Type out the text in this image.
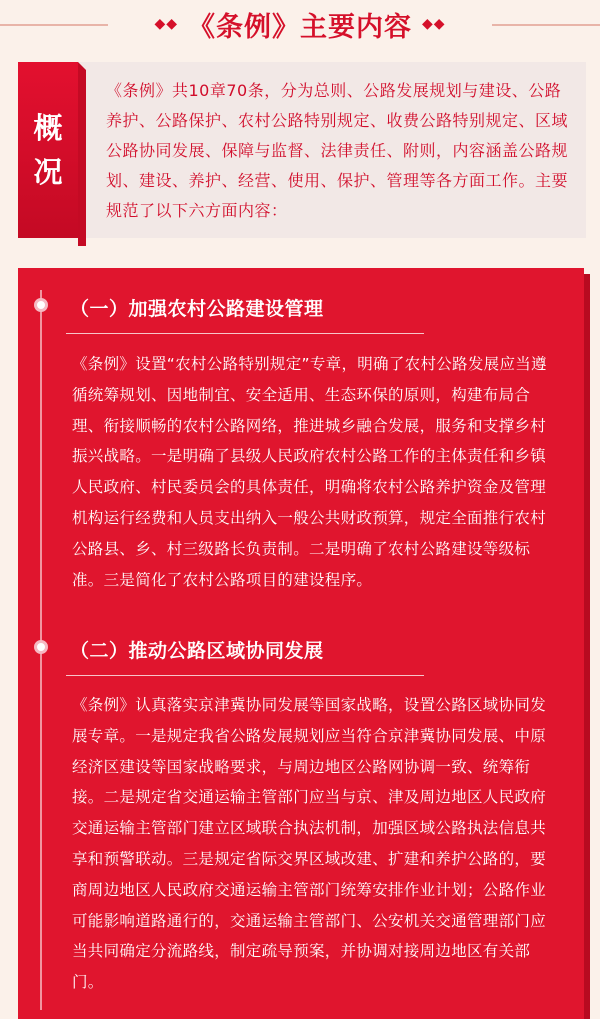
◆◆ 《条例》主要内容 ◆◆
概
况
《条例》共10章70条，分为总则、公路发展规划与建设、公路养护、公路保护、农村公路特别规定、收费公路特别规定、区域公路协同发展、保障与监督、法律责任、附则，内容涵盖公路规划、建设、养护、经营、使用、保护、管理等各方面工作。主要规范了以下六方面内容：
（一）加强农村公路建设管理
《条例》设置“农村公路特别规定”专章，明确了农村公路发展应当遵循统筹规划、因地制宜、安全适用、生态环保的原则，构建布局合理、衔接顺畅的农村公路网络，推进城乡融合发展，服务和支撑乡村振兴战略。一是明确了县级人民政府农村公路工作的主体责任和乡镇人民政府、村民委员会的具体责任，明确将农村公路养护资金及管理机构运行经费和人员支出纳入一般公共财政预算，规定全面推行农村公路县、乡、村三级路长负责制。二是明确了农村公路建设等级标准。三是简化了农村公路项目的建设程序。
（二）推动公路区域协同发展
《条例》认真落实京津冀协同发展等国家战略，设置公路区域协同发展专章。一是规定我省公路发展规划应当符合京津冀协同发展、中原经济区建设等国家战略要求，与周边地区公路网协调一致、统筹衔接。二是规定省交通运输主管部门应当与京、津及周边地区人民政府交通运输主管部门建立区域联合执法机制，加强区域公路执法信息共享和预警联动。三是规定省际交界区域改建、扩建和养护公路的，要商周边地区人民政府交通运输主管部门统筹安排作业计划；公路作业可能影响道路通行的，交通运输主管部门、公安机关交通管理部门应当共同确定分流路线，制定疏导预案，并协调对接周边地区有关部门。
